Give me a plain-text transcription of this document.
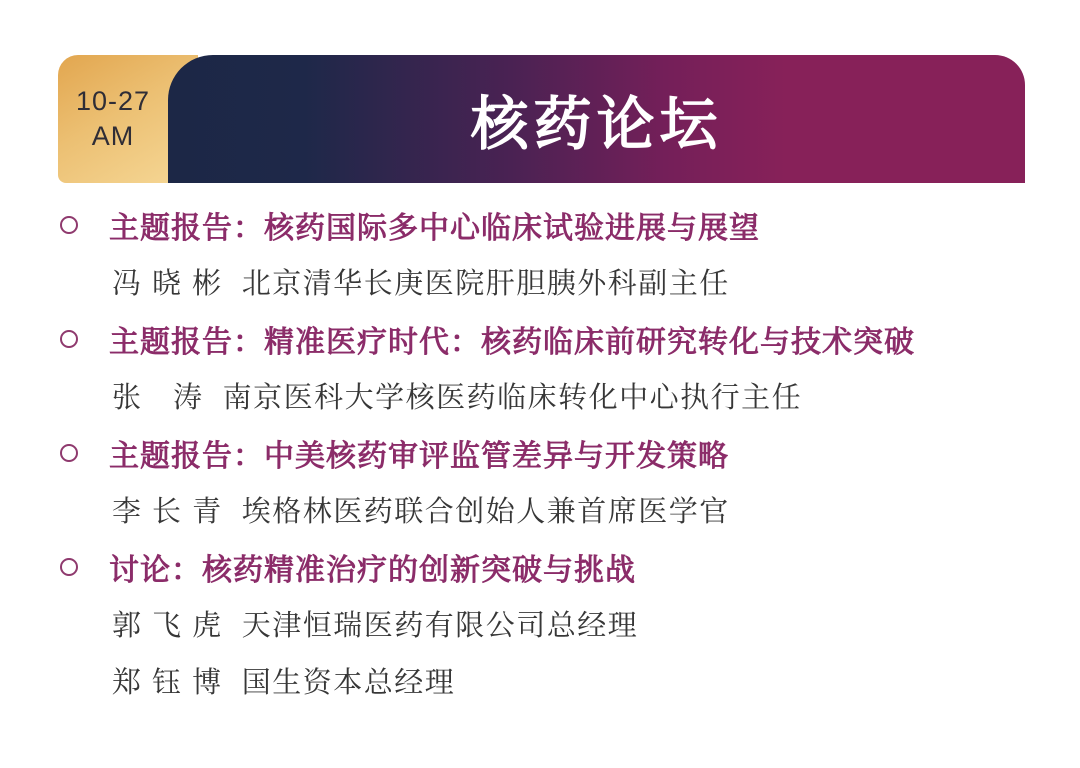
10-27
AM	核药论坛
主题报告：核药国际多中心临床试验进展与展望
冯 晓 彬  北京清华长庚医院肝胆胰外科副主任
主题报告：精准医疗时代：核药临床前研究转化与技术突破
张　涛  南京医科大学核医药临床转化中心执行主任
主题报告：中美核药审评监管差异与开发策略
李 长 青  埃格林医药联合创始人兼首席医学官
讨论：核药精准治疗的创新突破与挑战
郭 飞 虎  天津恒瑞医药有限公司总经理
郑 钰 博  国生资本总经理
